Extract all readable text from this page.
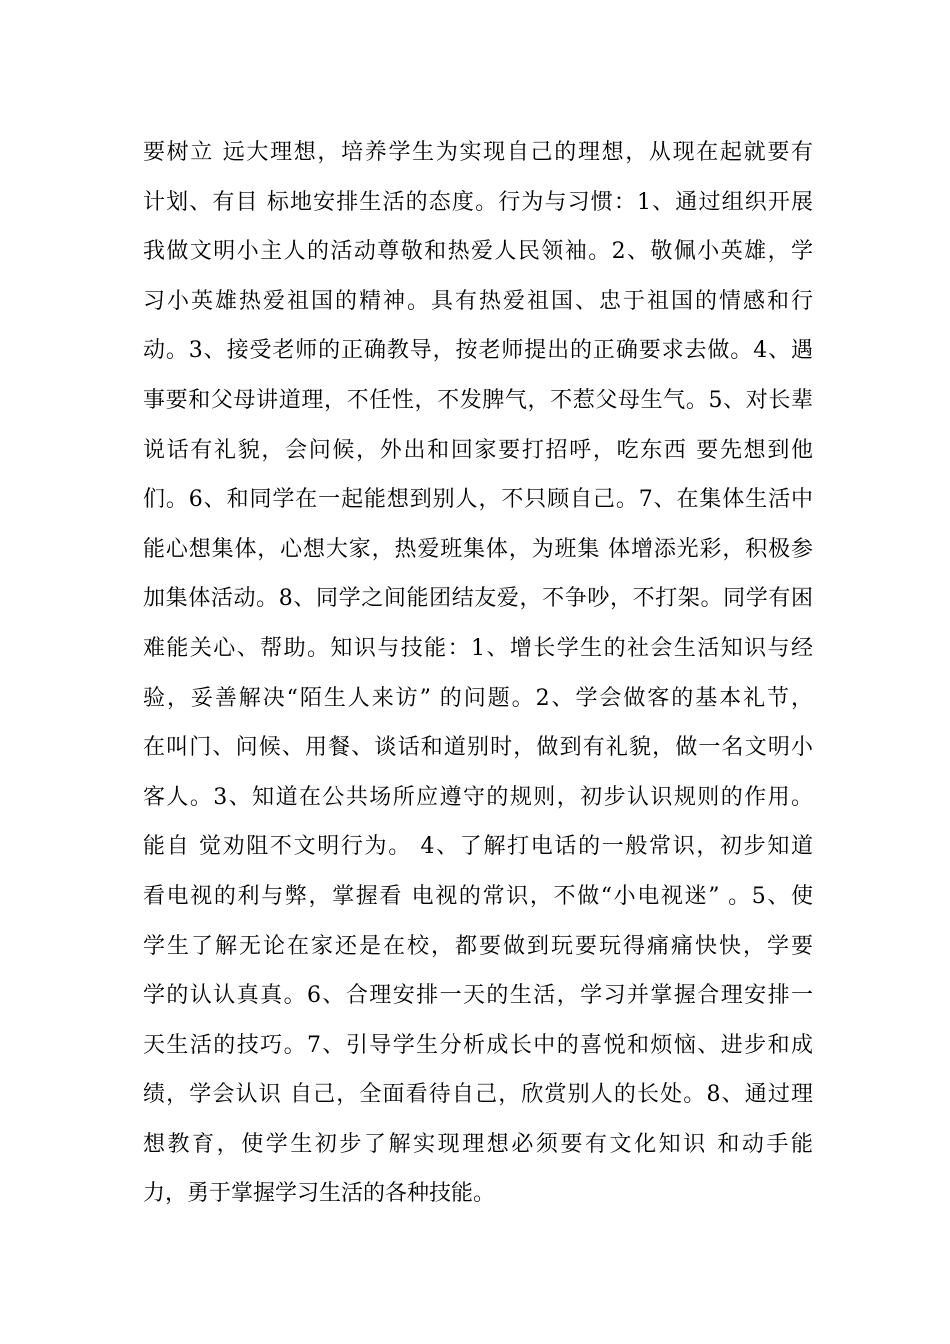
要树立 远大理想，培养学生为实现自己的理想，从现在起就要有
计划、有目 标地安排生活的态度。行为与习惯：1、通过组织开展
我做文明小主人的活动尊敬和热爱人民领袖。2、敬佩小英雄，学
习小英雄热爱祖国的精神。具有热爱祖国、忠于祖国的情感和行
动。3、接受老师的正确教导，按老师提出的正确要求去做。4、遇
事要和父母讲道理，不任性，不发脾气，不惹父母生气。5、对长辈
说话有礼貌，会问候，外出和回家要打招呼，吃东西 要先想到他
们。6、和同学在一起能想到别人，不只顾自己。7、在集体生活中
能心想集体，心想大家，热爱班集体，为班集 体增添光彩，积极参
加集体活动。8、同学之间能团结友爱，不争吵，不打架。同学有困
难能关心、帮助。知识与技能：1、增长学生的社会生活知识与经
验，妥善解决“陌生人来访” 的问题。2、学会做客的基本礼节，
在叫门、问候、用餐、谈话和道别时，做到有礼貌，做一名文明小
客人。3、知道在公共场所应遵守的规则，初步认识规则的作用。
能自 觉劝阻不文明行为。 4、了解打电话的一般常识，初步知道
看电视的利与弊，掌握看 电视的常识，不做“小电视迷” 。5、使
学生了解无论在家还是在校，都要做到玩要玩得痛痛快快，学要
学的认认真真。6、合理安排一天的生活，学习并掌握合理安排一
天生活的技巧。7、引导学生分析成长中的喜悦和烦恼、进步和成
绩，学会认识 自己，全面看待自己，欣赏别人的长处。8、通过理
想教育，使学生初步了解实现理想必须要有文化知识 和动手能
力，勇于掌握学习生活的各种技能。
